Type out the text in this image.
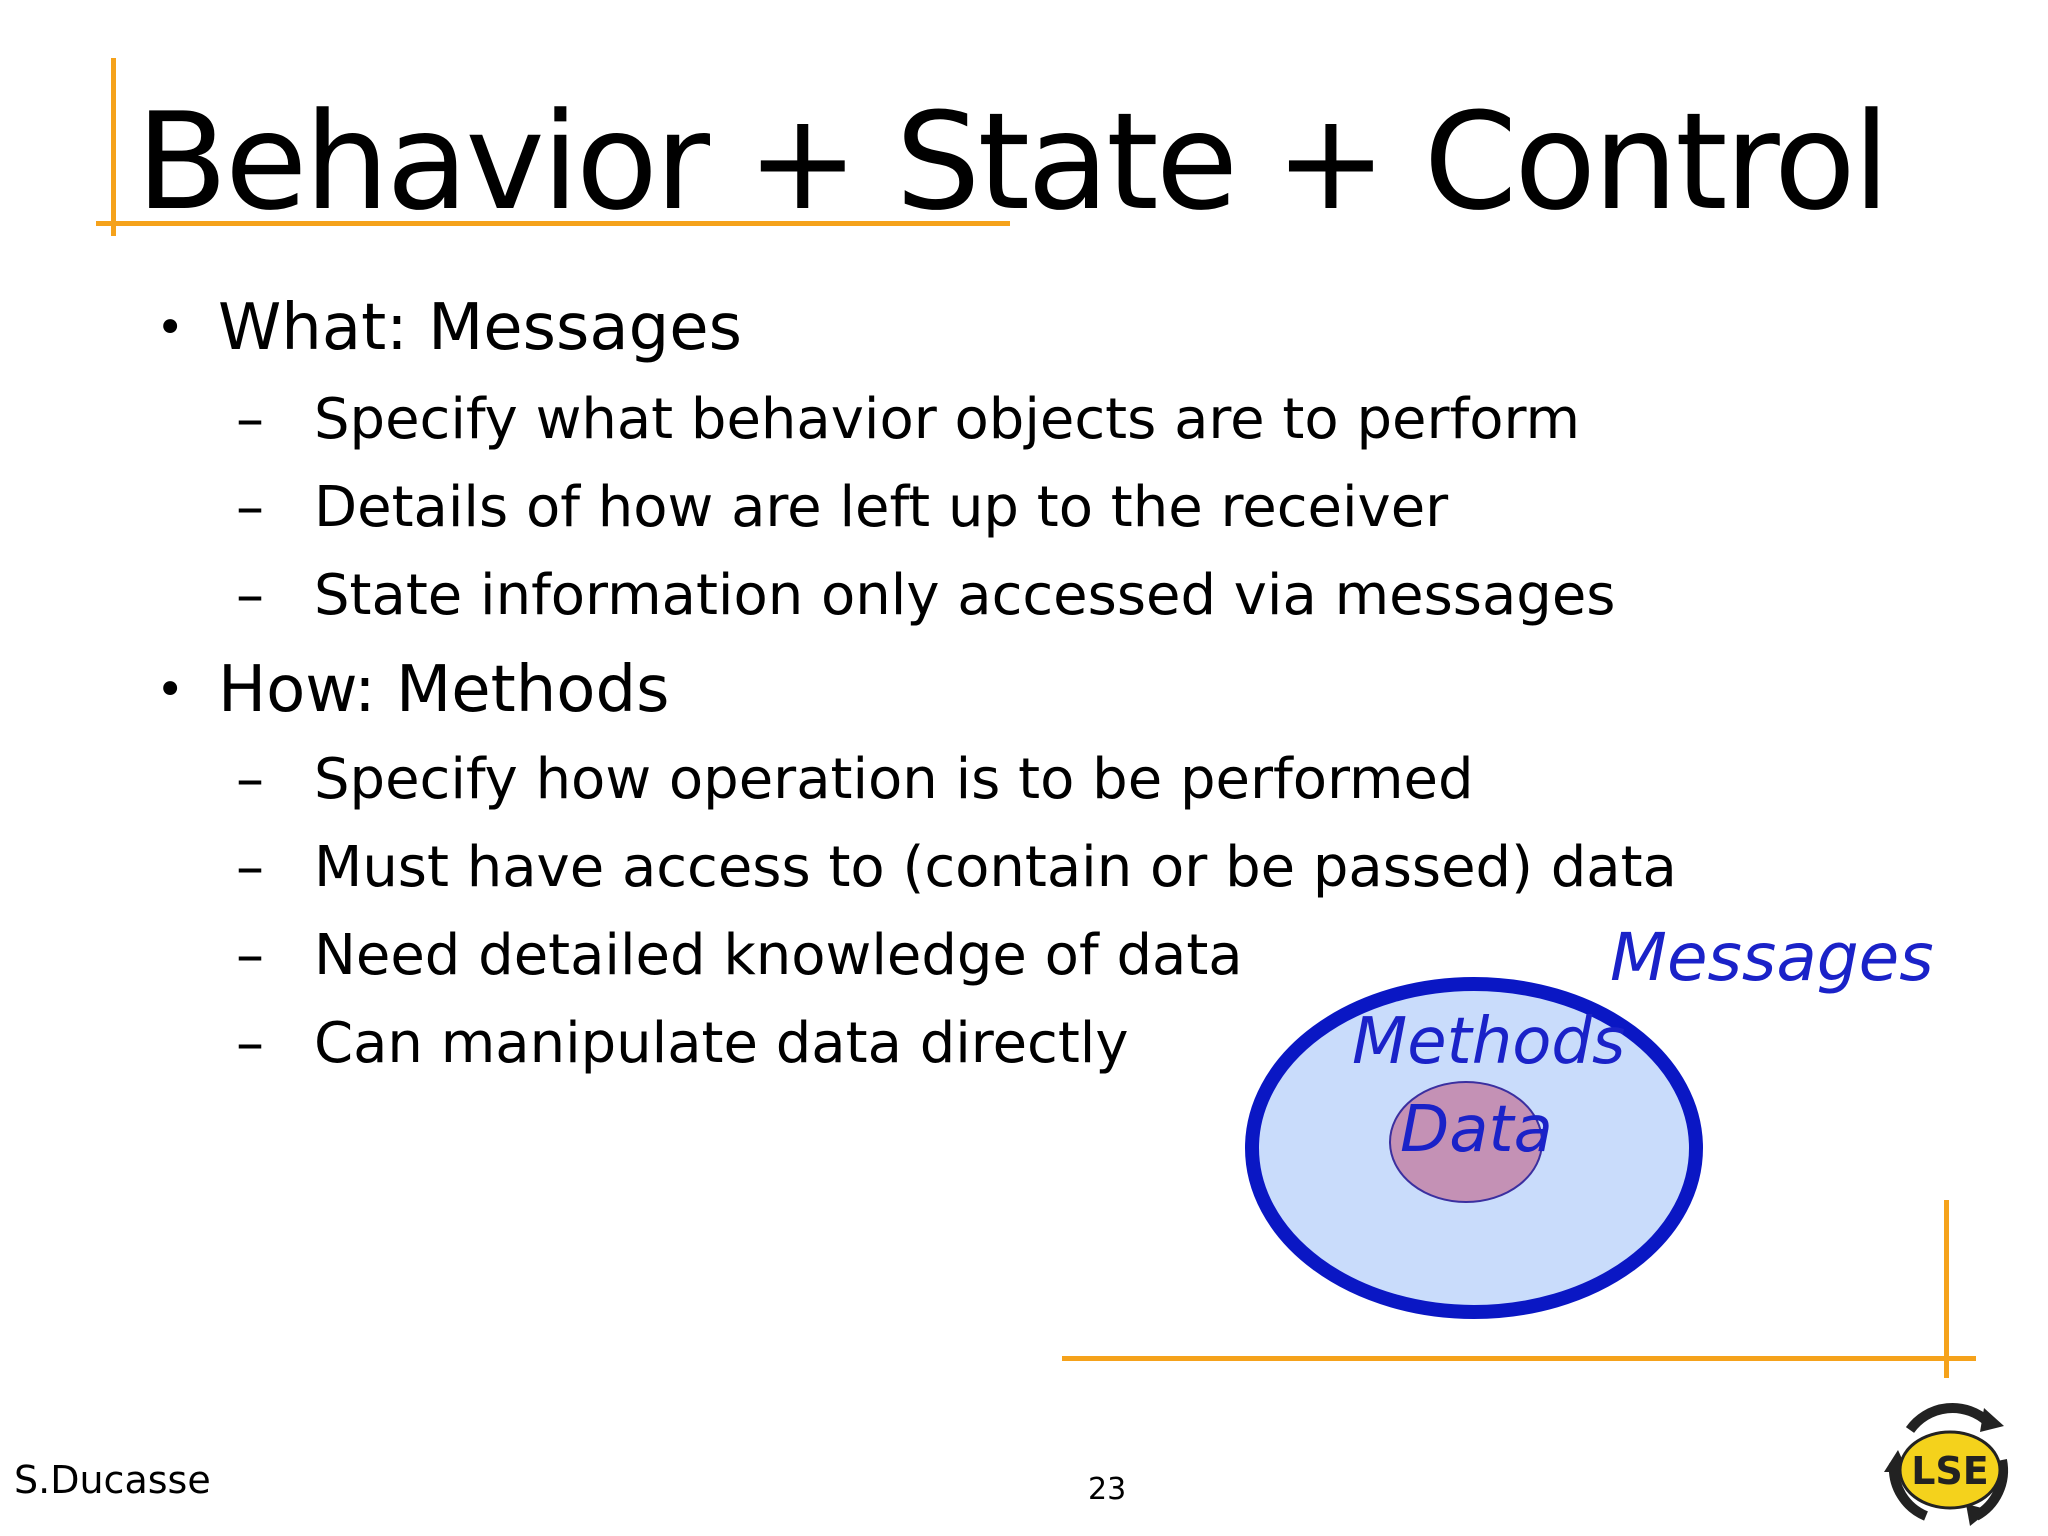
Behavior + State + Control
• What: Messages
– Specify what behavior objects are to perform
– Details of how are left up to the receiver
– State information only accessed via messages
• How: Methods
– Specify how operation is to be performed
– Must have access to (contain or be passed) data
– Need detailed knowledge of data
– Can manipulate data directly
Messages
Methods
Data
S.Ducasse	23	LSE
